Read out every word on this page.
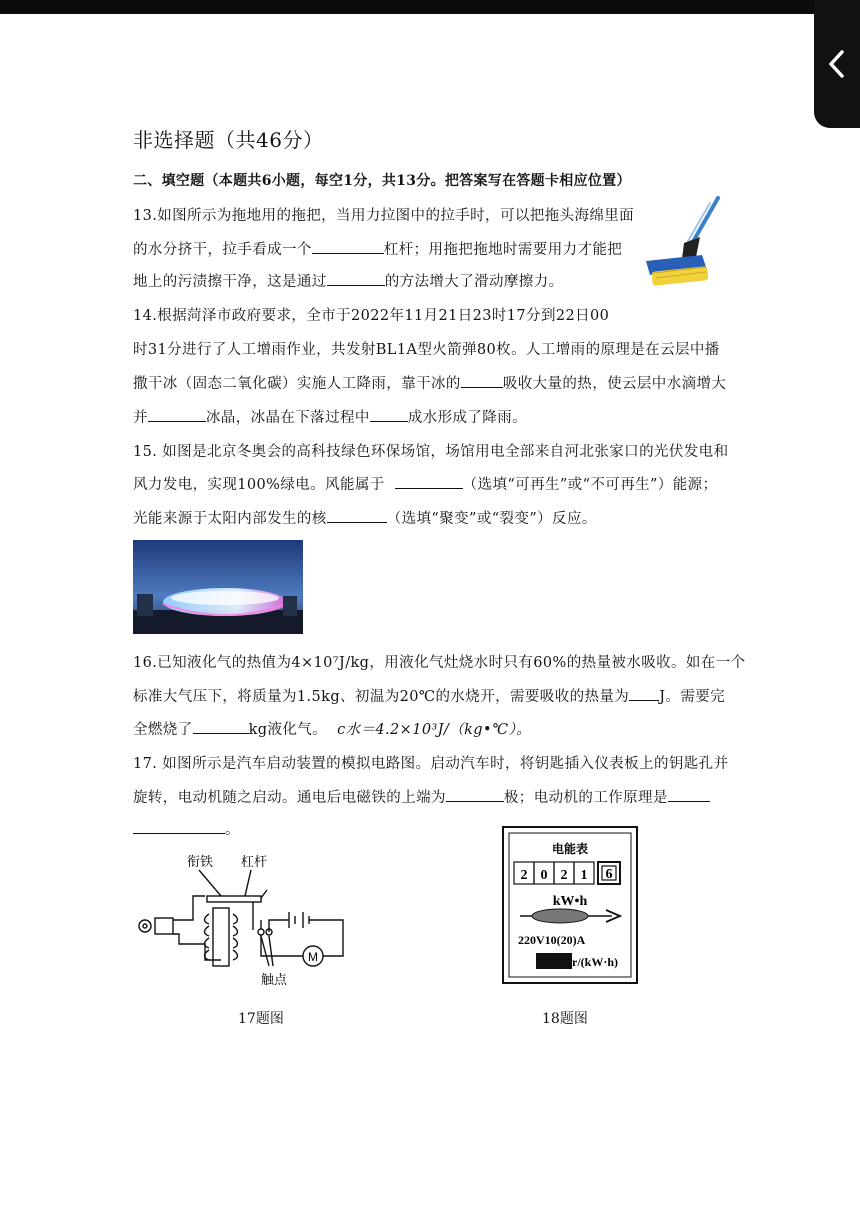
非选择题（共46分）
二、填空题（本题共6小题，每空1分，共13分。把答案写在答题卡相应位置）
13.如图所示为拖地用的拖把，当用力拉图中的拉手时，可以把拖头海绵里面
的水分挤干，拉手看成一个	杠杆；用拖把拖地时需要用力才能把
地上的污渍擦干净，这是通过	的方法增大了滑动摩擦力。
14.根据菏泽市政府要求，全市于2022年11月21日23时17分到22日00
时31分进行了人工增雨作业，共发射BL1A型火箭弹80枚。人工增雨的原理是在云层中播
撒干冰（固态二氧化碳）实施人工降雨，靠干冰的	吸收大量的热，使云层中水滴增大
并	冰晶，冰晶在下落过程中	成水形成了降雨。
15. 如图是北京冬奥会的高科技绿色环保场馆，场馆用电全部来自河北张家口的光伏发电和
风力发电，实现100%绿电。风能属于	（选填“可再生”或“不可再生”）能源；
光能来源于太阳内部发生的核	（选填“聚变”或“裂变”）反应。
16.已知液化气的热值为4×10⁷J/kg，用液化气灶烧水时只有60%的热量被水吸收。如在一个
标准大气压下，将质量为1.5kg、初温为20℃的水烧开，需要吸收的热量为 J。需要完
全燃烧了	kg液化气。 c水＝4.2×10³J/（kg•℃）。
17. 如图所示是汽车启动装置的模拟电路图。启动汽车时，将钥匙插入仪表板上的钥匙孔并
旋转，电动机随之启动。通电后电磁铁的上端为	极；电动机的工作原理是
。
衔铁 杠杆
触点
M
17题图
电能表
2 0 2 1 6
kW•h
220V10(20)A
r/(kW·h)
18题图
